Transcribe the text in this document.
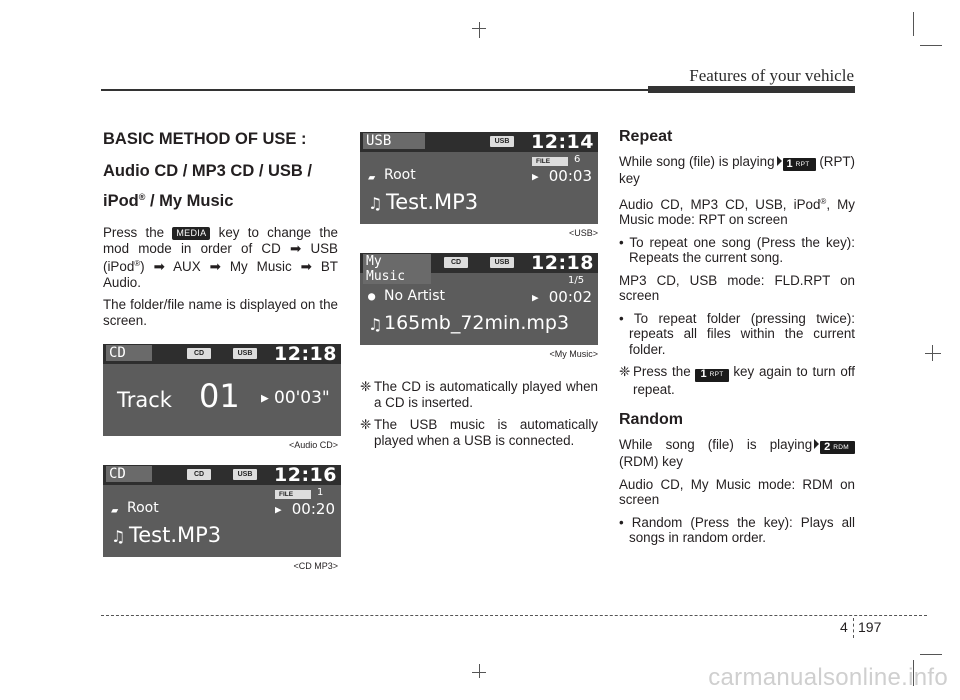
Features of your vehicle
BASIC METHOD OF USE :
Audio CD / MP3 CD / USB /
iPod® / My Music
Press the MEDIA key to change the mod mode in order of CD ➡ USB (iPod®) ➡ AUX ➡ My Music ➡ BT Audio.
The folder/file name is displayed on the screen.
CD	CD	USB 12:18
Track 01 ▶ 00'03"
<Audio CD>
CD	CD	USB 12:16
FILE	1
▰ Root	▶ 00:20
♫ Test.MP3
<CD MP3>
USB	USB 12:14
FILE	6
▰ Root	▶ 00:03
♫ Test.MP3
<USB>
My Music
CD	USB 12:18
1/5
● No Artist	▶ 00:02
♫ 165mb_72min.mp3
<My Music>
❈ The CD is automatically played when a CD is inserted.
❈ The USB music is automatically played when a USB is connected.
Repeat
While song (file) is playing 1 RPT (RPT) key
Audio CD, MP3 CD, USB, iPod®, My Music mode: RPT on screen
• To repeat one song (Press the key): Repeats the current song.
MP3 CD, USB mode: FLD.RPT on screen
• To repeat folder (pressing twice): repeats all files within the current folder.
❈ Press the 1 RPT key again to turn off repeat.
Random
While song (file) is playing 2 RDM
(RDM) key
Audio CD, My Music mode: RDM on screen
• Random (Press the key): Plays all songs in random order.
4 197
carmanualsonline.info
